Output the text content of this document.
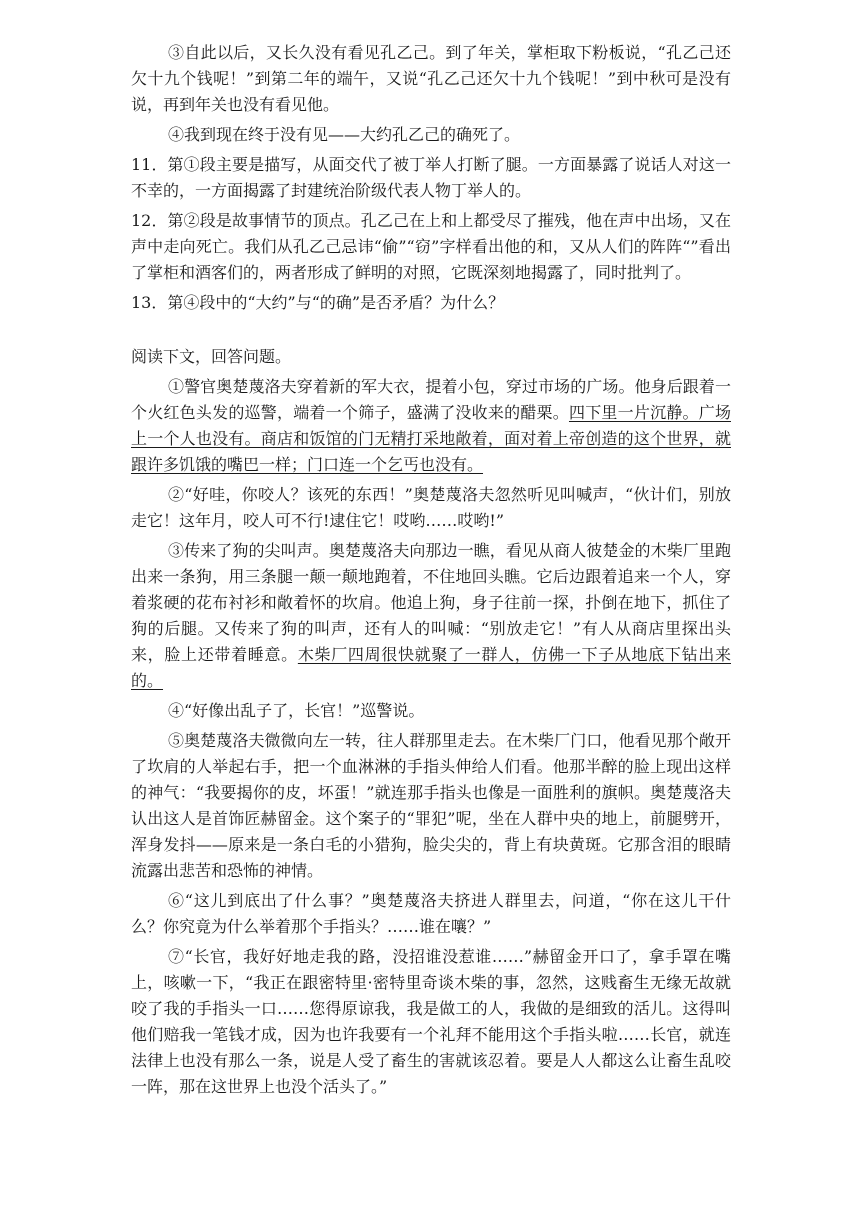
③自此以后，又长久没有看见孔乙己。到了年关，掌柜取下粉板说，“孔乙己还欠十九个钱呢！”到第二年的端午，又说“孔乙己还欠十九个钱呢！”到中秋可是没有说，再到年关也没有看见他。

④我到现在终于没有见——大约孔乙己的确死了。

11．第①段主要是描写，从面交代了被丁举人打断了腿。一方面暴露了说话人对这一不幸的，一方面揭露了封建统治阶级代表人物丁举人的。

12．第②段是故事情节的顶点。孔乙己在上和上都受尽了摧残，他在声中出场，又在声中走向死亡。我们从孔乙己忌讳“偷”“窃”字样看出他的和，又从人们的阵阵“”看出了掌柜和酒客们的，两者形成了鲜明的对照，它既深刻地揭露了，同时批判了。

13．第④段中的“大约”与“的确”是否矛盾？为什么？

阅读下文，回答问题。

①警官奥楚蔑洛夫穿着新的军大衣，提着小包，穿过市场的广场。他身后跟着一个火红色头发的巡警，端着一个筛子，盛满了没收来的醋栗。四下里一片沉静。广场上一个人也没有。商店和饭馆的门无精打采地敞着，面对着上帝创造的这个世界，就跟许多饥饿的嘴巴一样；门口连一个乞丐也没有。

②“好哇，你咬人？该死的东西！”奥楚蔑洛夫忽然听见叫喊声，“伙计们，别放走它！这年月，咬人可不行!逮住它！哎哟……哎哟!”

③传来了狗的尖叫声。奥楚蔑洛夫向那边一瞧，看见从商人彼楚金的木柴厂里跑出来一条狗，用三条腿一颠一颠地跑着，不住地回头瞧。它后边跟着追来一个人，穿着浆硬的花布衬衫和敞着怀的坎肩。他追上狗，身子往前一探，扑倒在地下，抓住了狗的后腿。又传来了狗的叫声，还有人的叫喊：“别放走它！”有人从商店里探出头来，脸上还带着睡意。木柴厂四周很快就聚了一群人，仿佛一下子从地底下钻出来的。

④“好像出乱子了，长官！”巡警说。

⑤奥楚蔑洛夫微微向左一转，往人群那里走去。在木柴厂门口，他看见那个敞开了坎肩的人举起右手，把一个血淋淋的手指头伸给人们看。他那半醉的脸上现出这样的神气：“我要揭你的皮，坏蛋！”就连那手指头也像是一面胜利的旗帜。奥楚蔑洛夫认出这人是首饰匠赫留金。这个案子的“罪犯”呢，坐在人群中央的地上，前腿劈开，浑身发抖——原来是一条白毛的小猎狗，脸尖尖的，背上有块黄斑。它那含泪的眼睛流露出悲苦和恐怖的神情。

⑥“这儿到底出了什么事？”奥楚蔑洛夫挤进人群里去，问道，“你在这儿干什么？你究竟为什么举着那个手指头？……谁在嚷？”

⑦“长官，我好好地走我的路，没招谁没惹谁……”赫留金开口了，拿手罩在嘴上，咳嗽一下，“我正在跟密特里·密特里奇谈木柴的事，忽然，这贱畜生无缘无故就咬了我的手指头一口……您得原谅我，我是做工的人，我做的是细致的活儿。这得叫他们赔我一笔钱才成，因为也许我要有一个礼拜不能用这个手指头啦……长官，就连法律上也没有那么一条，说是人受了畜生的害就该忍着。要是人人都这么让畜生乱咬一阵，那在这世界上也没个活头了。”
